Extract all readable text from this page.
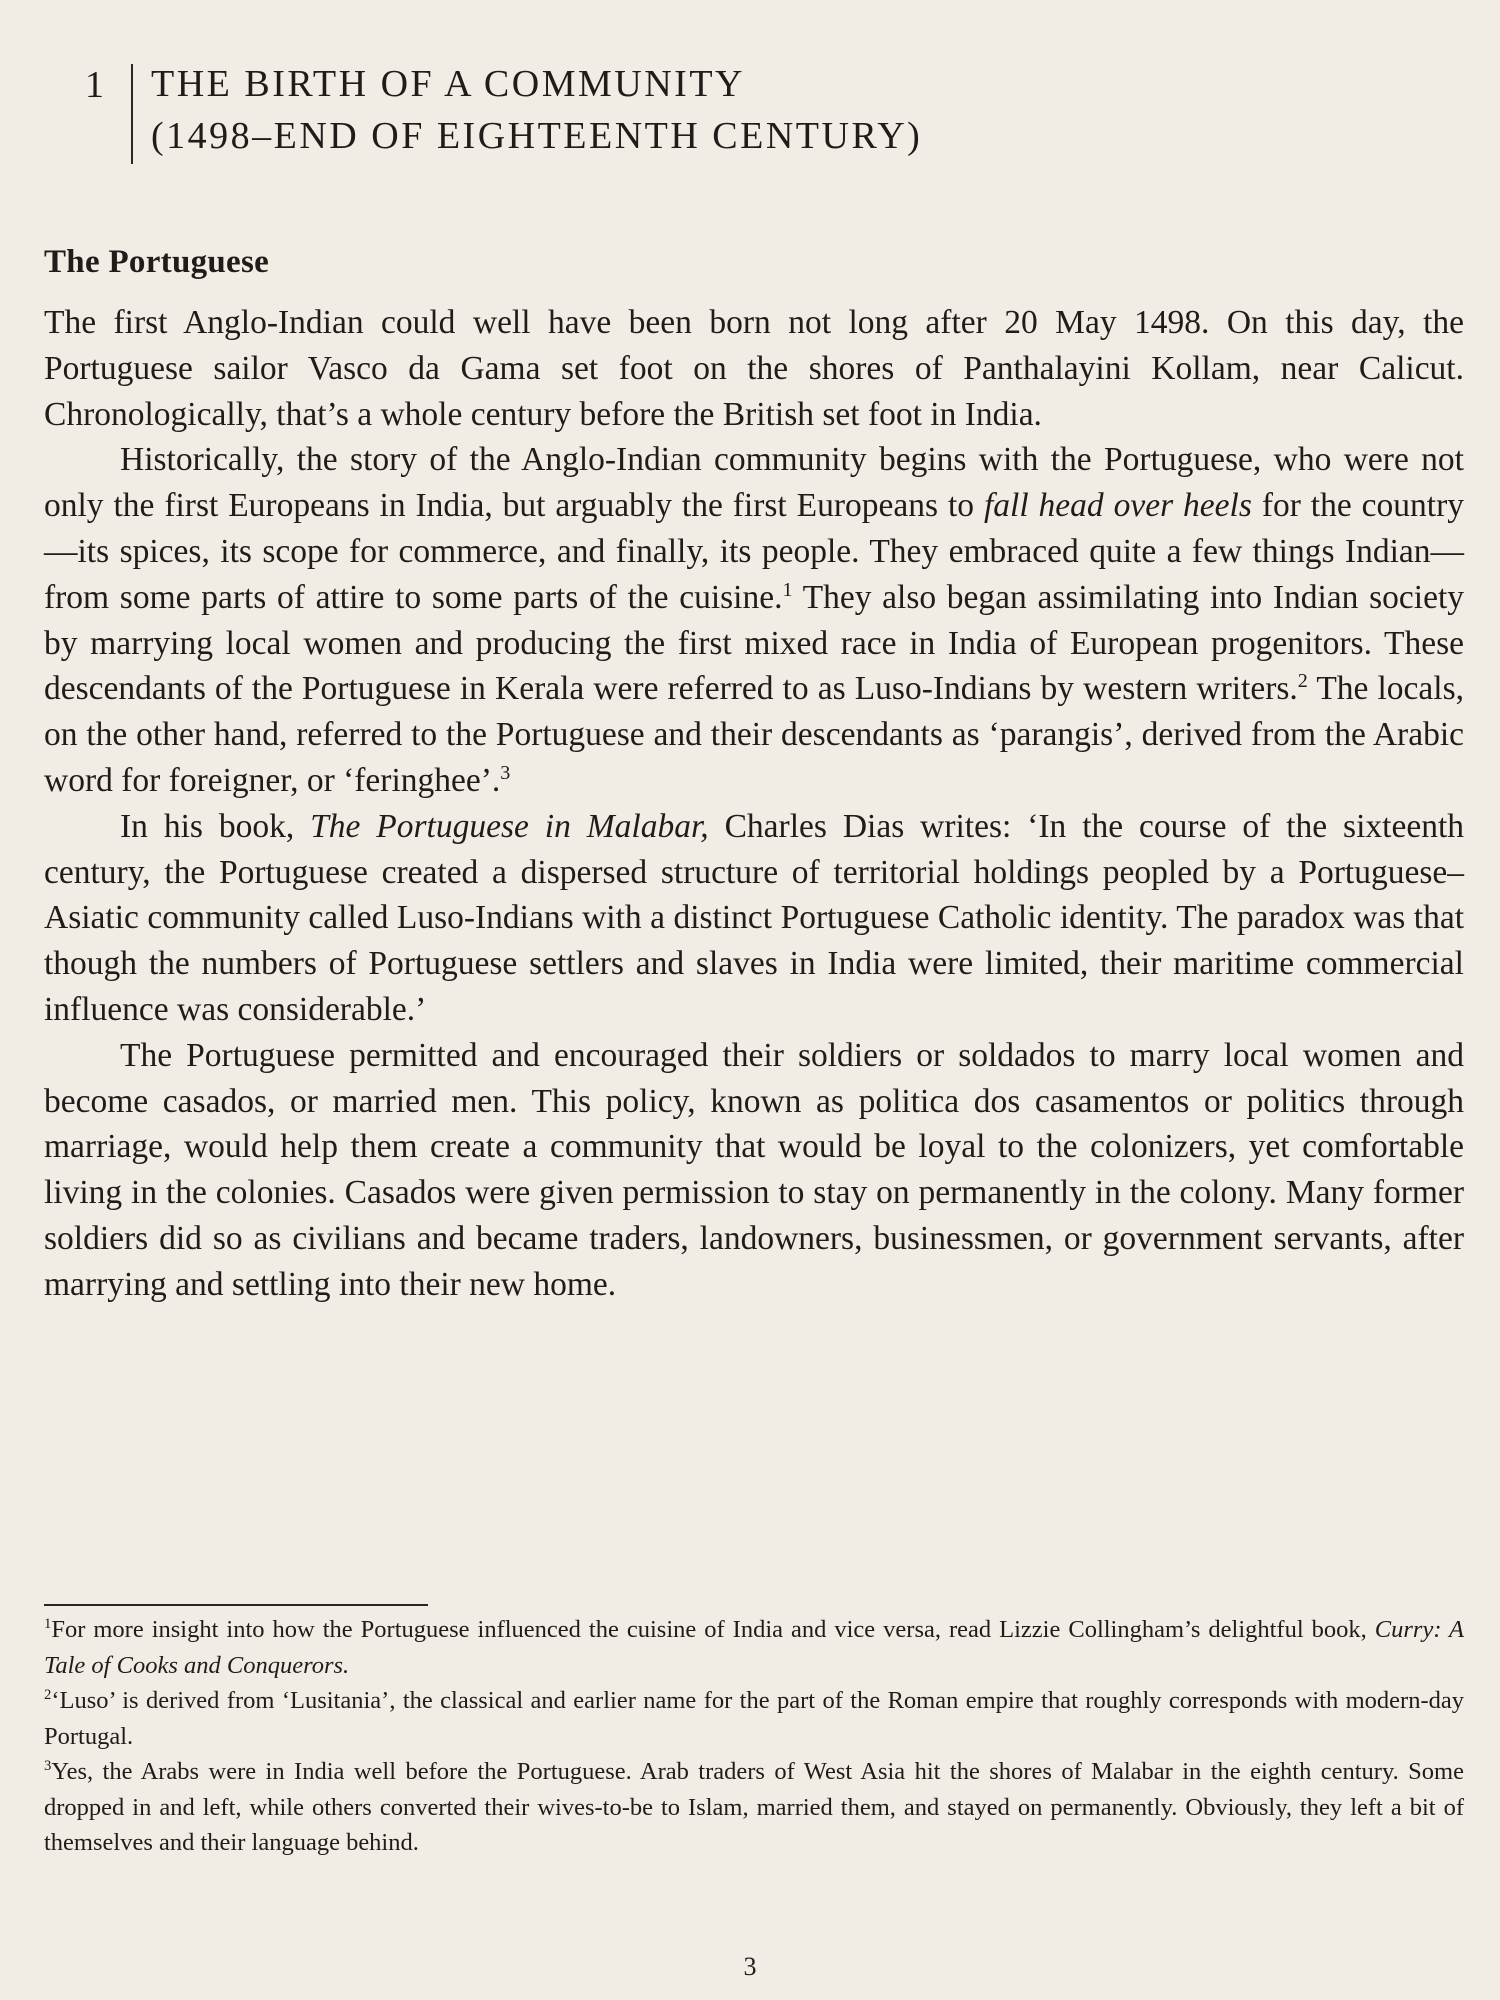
1	THE BIRTH OF A COMMUNITY
(1498–END OF EIGHTEENTH CENTURY)
The Portuguese

The first Anglo-Indian could well have been born not long after 20 May 1498. On this day, the Portuguese sailor Vasco da Gama set foot on the shores of Panthalayini Kollam, near Calicut. Chronologically, that’s a whole century before the British set foot in India.

Historically, the story of the Anglo-Indian community begins with the Portuguese, who were not only the first Europeans in India, but arguably the first Europeans to fall head over heels for the country—its spices, its scope for commerce, and finally, its people. They embraced quite a few things Indian—from some parts of attire to some parts of the cuisine.$^1$ They also began assimilating into Indian society by marrying local women and producing the first mixed race in India of European progenitors. These descendants of the Portuguese in Kerala were referred to as Luso-Indians by western writers.$^2$ The locals, on the other hand, referred to the Portuguese and their descendants as ‘parangis’, derived from the Arabic word for foreigner, or ‘feringhee’.$^3$

In his book, The Portuguese in Malabar, Charles Dias writes: ‘In the course of the sixteenth century, the Portuguese created a dispersed structure of territorial holdings peopled by a Portuguese–Asiatic community called Luso-Indians with a distinct Portuguese Catholic identity. The paradox was that though the numbers of Portuguese settlers and slaves in India were limited, their maritime commercial influence was considerable.’

The Portuguese permitted and encouraged their soldiers or soldados to marry local women and become casados, or married men. This policy, known as politica dos casamentos or politics through marriage, would help them create a community that would be loyal to the colonizers, yet comfortable living in the colonies. Casados were given permission to stay on permanently in the colony. Many former soldiers did so as civilians and became traders, landowners, businessmen, or government servants, after marrying and settling into their new home.

$^1$For more insight into how the Portuguese influenced the cuisine of India and vice versa, read Lizzie Collingham’s delightful book, Curry: A Tale of Cooks and Conquerors.

$^2$‘Luso’ is derived from ‘Lusitania’, the classical and earlier name for the part of the Roman empire that roughly corresponds with modern-day Portugal.

$^3$Yes, the Arabs were in India well before the Portuguese. Arab traders of West Asia hit the shores of Malabar in the eighth century. Some dropped in and left, while others converted their wives-to-be to Islam, married them, and stayed on permanently. Obviously, they left a bit of themselves and their language behind.

3
